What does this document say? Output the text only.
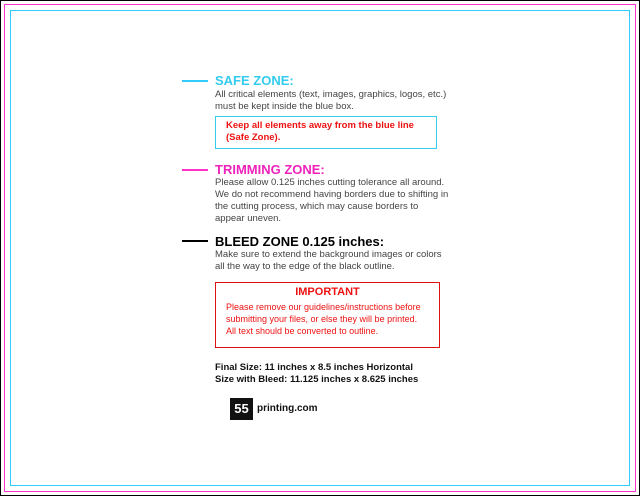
SAFE ZONE:
All critical elements (text, images, graphics, logos, etc.)
must be kept inside the blue box.
Keep all elements away from the blue line
(Safe Zone).
TRIMMING ZONE:
Please allow 0.125 inches cutting tolerance all around.
We do not recommend having borders due to shifting in
the cutting process, which may cause borders to
appear uneven.
BLEED ZONE 0.125 inches:
Make sure to extend the background images or colors
all the way to the edge of the black outline.
IMPORTANT
Please remove our guidelines/instructions before
submitting your files, or else they will be printed.
All text should be converted to outline.
Final Size: 11 inches x 8.5 inches Horizontal
Size with Bleed: 11.125 inches x 8.625 inches
55 printing.com
